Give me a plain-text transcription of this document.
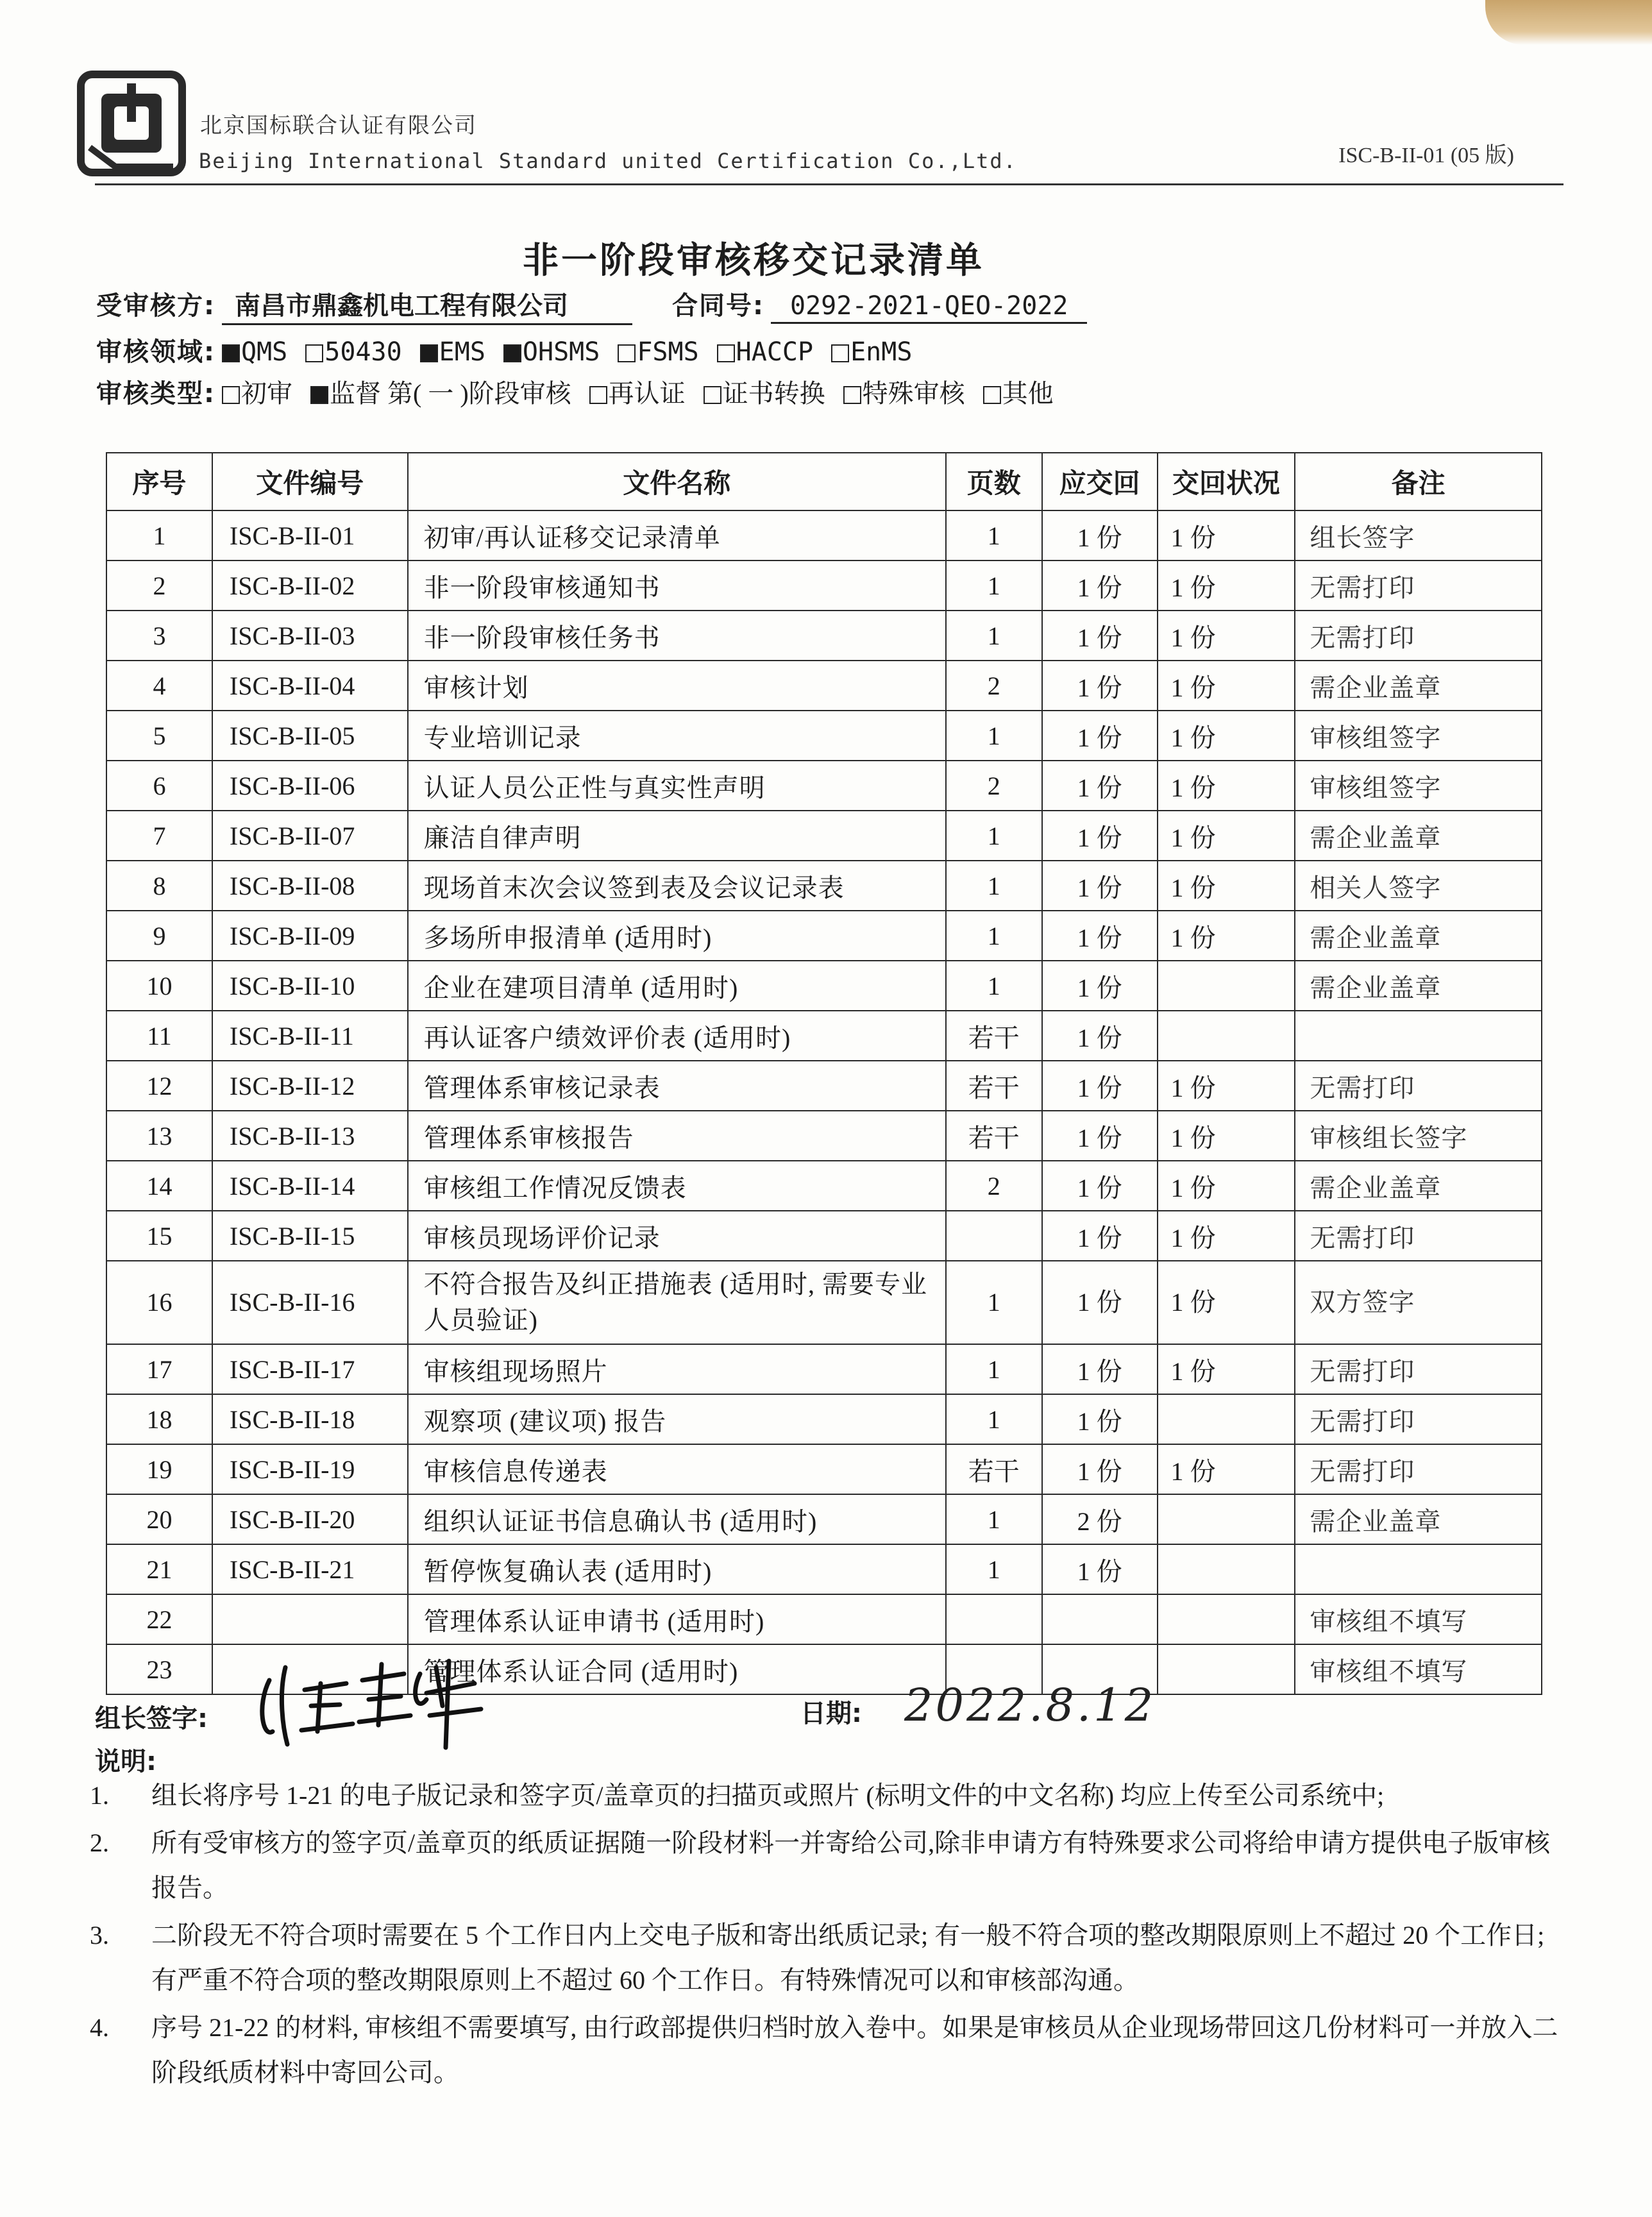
北京国标联合认证有限公司
Beijing International Standard united Certification Co.,Ltd.	ISC-B-II-01 (05 版)
非一阶段审核移交记录清单
受审核方: 南昌市鼎鑫机电工程有限公司	合同号: 0292-2021-QEO-2022
审核领域: QMS 50430 EMS OHSMS FSMS HACCP EnMS
审核类型: 初审 监督 第( 一 )阶段审核 再认证 证书转换 特殊审核 其他
序号	文件编号	文件名称	页数	应交回	交回状况	备注
1	ISC-B-II-01	初审/再认证移交记录清单	1	1 份	1 份	组长签字
2	ISC-B-II-02	非一阶段审核通知书	1	1 份	1 份	无需打印
3	ISC-B-II-03	非一阶段审核任务书	1	1 份	1 份	无需打印
4	ISC-B-II-04	审核计划	2	1 份	1 份	需企业盖章
5	ISC-B-II-05	专业培训记录	1	1 份	1 份	审核组签字
6	ISC-B-II-06	认证人员公正性与真实性声明	2	1 份	1 份	审核组签字
7	ISC-B-II-07	廉洁自律声明	1	1 份	1 份	需企业盖章
8	ISC-B-II-08	现场首末次会议签到表及会议记录表	1	1 份	1 份	相关人签字
9	ISC-B-II-09	多场所申报清单 (适用时)	1	1 份	1 份	需企业盖章
10	ISC-B-II-10	企业在建项目清单 (适用时)	1	1 份		需企业盖章
11	ISC-B-II-11	再认证客户绩效评价表 (适用时)	若干	1 份		
12	ISC-B-II-12	管理体系审核记录表	若干	1 份	1 份	无需打印
13	ISC-B-II-13	管理体系审核报告	若干	1 份	1 份	审核组长签字
14	ISC-B-II-14	审核组工作情况反馈表	2	1 份	1 份	需企业盖章
15	ISC-B-II-15	审核员现场评价记录		1 份	1 份	无需打印
16	ISC-B-II-16	不符合报告及纠正措施表 (适用时, 需要专业人员验证)	1	1 份	1 份	双方签字
17	ISC-B-II-17	审核组现场照片	1	1 份	1 份	无需打印
18	ISC-B-II-18	观察项 (建议项) 报告	1	1 份		无需打印
19	ISC-B-II-19	审核信息传递表	若干	1 份	1 份	无需打印
20	ISC-B-II-20	组织认证证书信息确认书 (适用时)	1	2 份		需企业盖章
21	ISC-B-II-21	暂停恢复确认表 (适用时)	1	1 份		
22		管理体系认证申请书 (适用时)				审核组不填写
23		管理体系认证合同 (适用时)				审核组不填写
组长签字:	日期: 2022.8.12
说明:
1. 组长将序号 1-21 的电子版记录和签字页/盖章页的扫描页或照片 (标明文件的中文名称) 均应上传至公司系统中;
2. 所有受审核方的签字页/盖章页的纸质证据随一阶段材料一并寄给公司,除非申请方有特殊要求公司将给申请方提供电子版审核报告。
3. 二阶段无不符合项时需要在 5 个工作日内上交电子版和寄出纸质记录; 有一般不符合项的整改期限原则上不超过 20 个工作日; 有严重不符合项的整改期限原则上不超过 60 个工作日。有特殊情况可以和审核部沟通。
4. 序号 21-22 的材料, 审核组不需要填写, 由行政部提供归档时放入卷中。如果是审核员从企业现场带回这几份材料可一并放入二阶段纸质材料中寄回公司。
